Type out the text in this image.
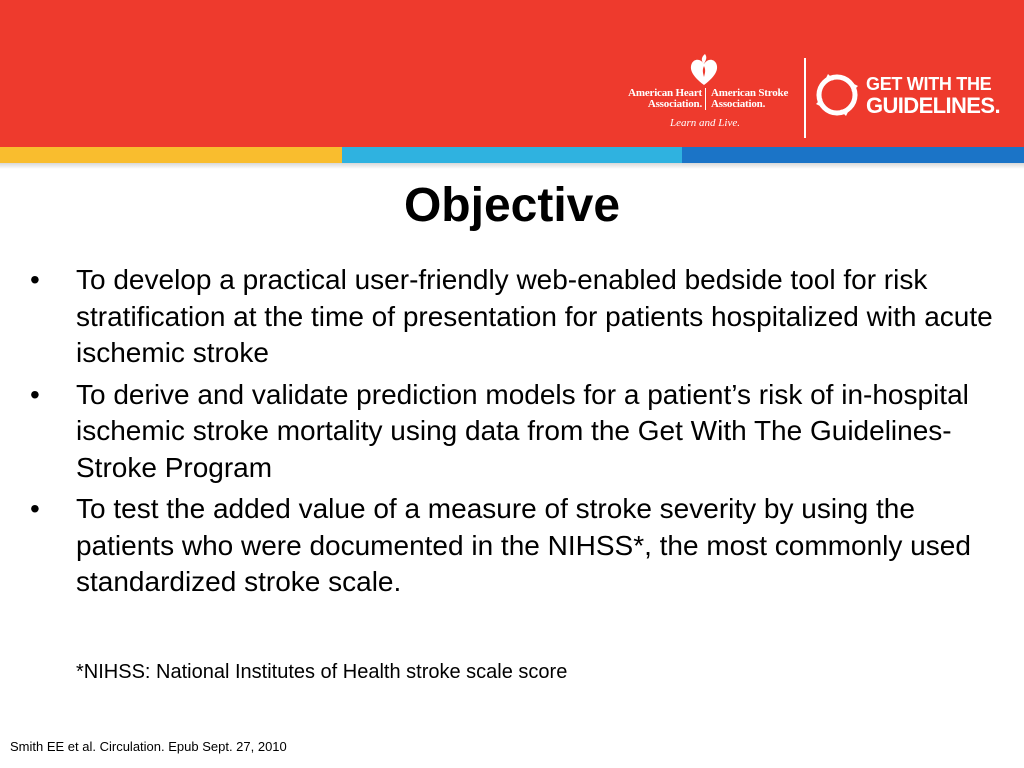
American Heart
Association.
American Stroke
Association.
Learn and Live.
GET WITH THE
GUIDELINES.
Objective
• To develop a practical user-friendly web-enabled bedside tool for risk stratification at the time of presentation for patients hospitalized with acute ischemic stroke
• To derive and validate prediction models for a patient’s risk of in-hospital ischemic stroke mortality using data from the Get With The Guidelines-Stroke Program
• To test the added value of a measure of stroke severity by using the patients who were documented in the NIHSS*, the most commonly used standardized stroke scale.
*NIHSS: National Institutes of Health stroke scale score
Smith EE et al. Circulation. Epub Sept. 27, 2010
